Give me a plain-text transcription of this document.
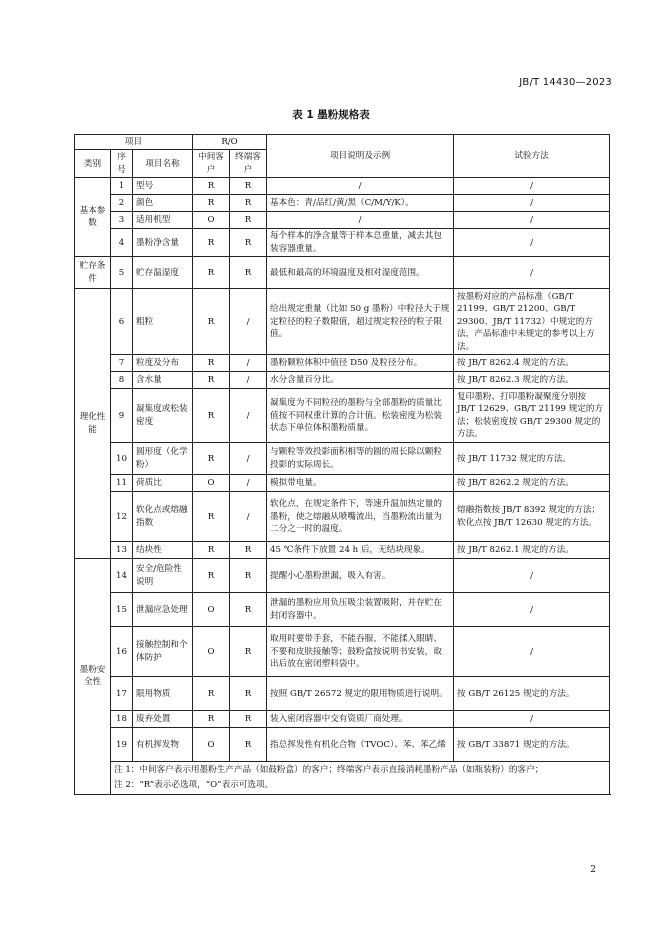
JB/T 14430—2023
表 1 墨粉规格表
项目			R/O		项目说明及示例	试验方法
类别	序号	项目名称	中间客户	终端客户		
基本参数	1	型号	R	R	/	/
	2	颜色	R	R	基本色：青/品红/黄/黑（C/M/Y/K）。	/
	3	适用机型	O	R	/	/
	4	墨粉净含量	R	R	每个样本的净含量等于样本总重量，减去其包装容器重量。	/
贮存条件	5	贮存温湿度	R	R	最低和最高的环境温度及相对湿度范围。	/
理化性能	6	粗粒	R	/	给出规定重量（比如 50 g 墨粉）中粒径大于规定粒径的粒子数限值，超过规定粒径的粒子限值。	按墨粉对应的产品标准（GB/T 21199、GB/T 21200、GB/T 29300、JB/T 11732）中规定的方法，产品标准中未规定的参考以上方法。
	7	粒度及分布	R	/	墨粉颗粒体积中值径 D50 及粒径分布。	按 JB/T 8262.4 规定的方法。
	8	含水量	R	/	水分含量百分比。	按 JB/T 8262.3 规定的方法。
	9	凝集度或松装密度	R	/	凝集度为不同粒径的墨粉与全部墨粉的质量比值按不同权重计算的合计值。松装密度为松装状态下单位体积墨粉质量。	复印墨粉、打印墨粉凝聚度分别按 JB/T 12629、GB/T 21199 规定的方法；松装密度按 GB/T 29300 规定的方法。
	10	圆形度（化学粉）	R	/	与颗粒等效投影面积相等的圆的周长除以颗粒投影的实际周长。	按 JB/T 11732 规定的方法。
	11	荷质比	O	/	模拟带电量。	按 JB/T 8262.2 规定的方法。
	12	软化点或熔融指数	R	/	软化点，在规定条件下，等速升温加热定量的墨粉，使之熔融从喷嘴流出，当墨粉流出量为二分之一时的温度。	熔融指数按 JB/T 8392 规定的方法；软化点按 JB/T 12630 规定的方法。
	13	结块性	R	R	45 ℃条件下放置 24 h 后，无结块现象。	按 JB/T 8262.1 规定的方法。
墨粉安全性	14	安全/危险性说明	R	R	提醒小心墨粉泄漏，吸入有害。	/
	15	泄漏应急处理	O	R	泄漏的墨粉应用负压吸尘装置吸附，并存贮在封闭容器中。	/
	16	接触控制和个体防护	O	R	取用时要带手套，不能吞服、不能揉入眼睛、不要和皮肤接触等；鼓粉盒按说明书安装，取出后放在密闭塑料袋中。	/
	17	限用物质	R	R	按照 GB/T 26572 规定的限用物质进行说明。	按 GB/T 26125 规定的方法。
	18	废弃处置	R	R	装入密闭容器中交有资质厂商处理。	/
	19	有机挥发物	O	R	指总挥发性有机化合物（TVOC）、苯、苯乙烯	按 GB/T 33871 规定的方法。

	注 1：中间客户表示用墨粉生产产品（如鼓粉盒）的客户；终端客户表示直接消耗墨粉产品（如瓶装粉）的客户；
注 2：“R”表示必选项，“O”表示可选项。					
2
